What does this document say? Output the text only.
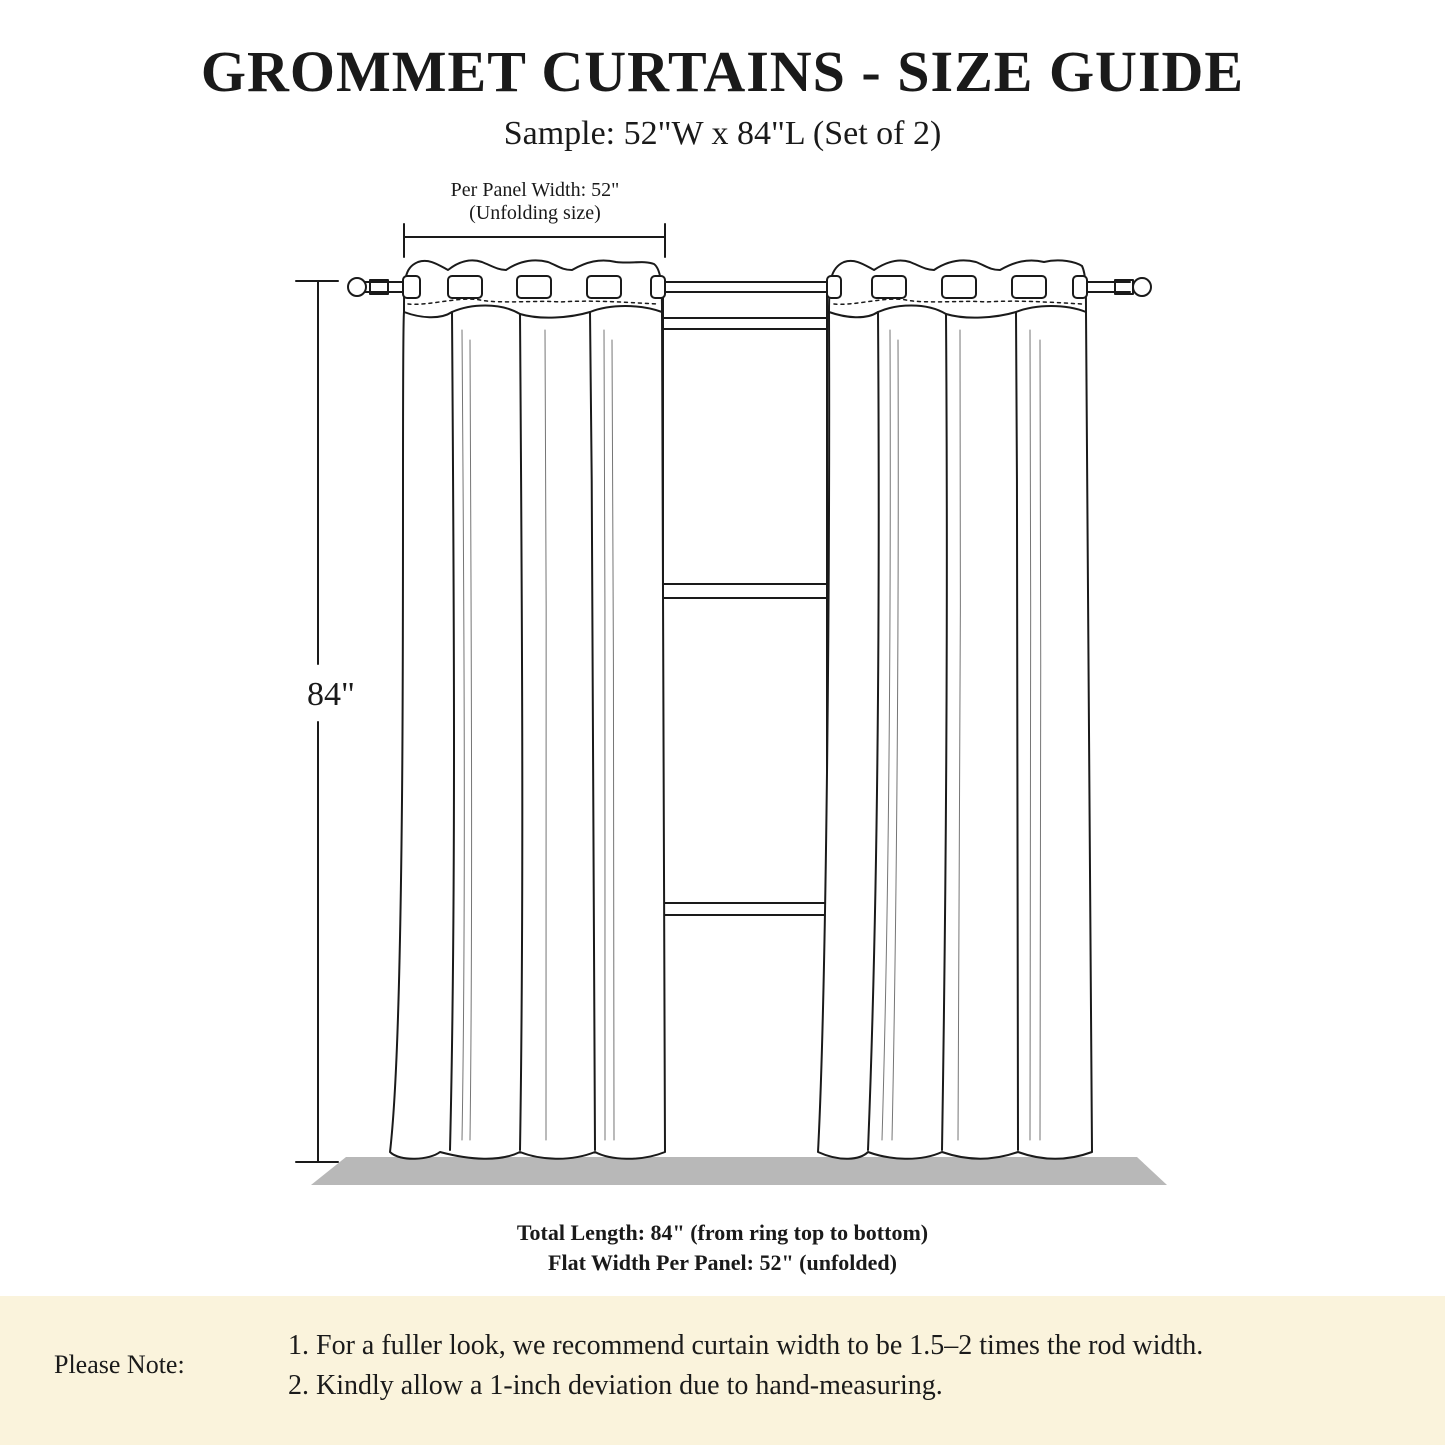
GROMMET CURTAINS - SIZE GUIDE
Sample: 52"W x 84"L (Set of 2)
Per Panel Width: 52"
(Unfolding size)
84"
Total Length: 84" (from ring top to bottom)
Flat Width Per Panel: 52" (unfolded)
Please Note:
1. For a fuller look, we recommend curtain width to be 1.5–2 times the rod width.
2. Kindly allow a 1-inch deviation due to hand-measuring.
